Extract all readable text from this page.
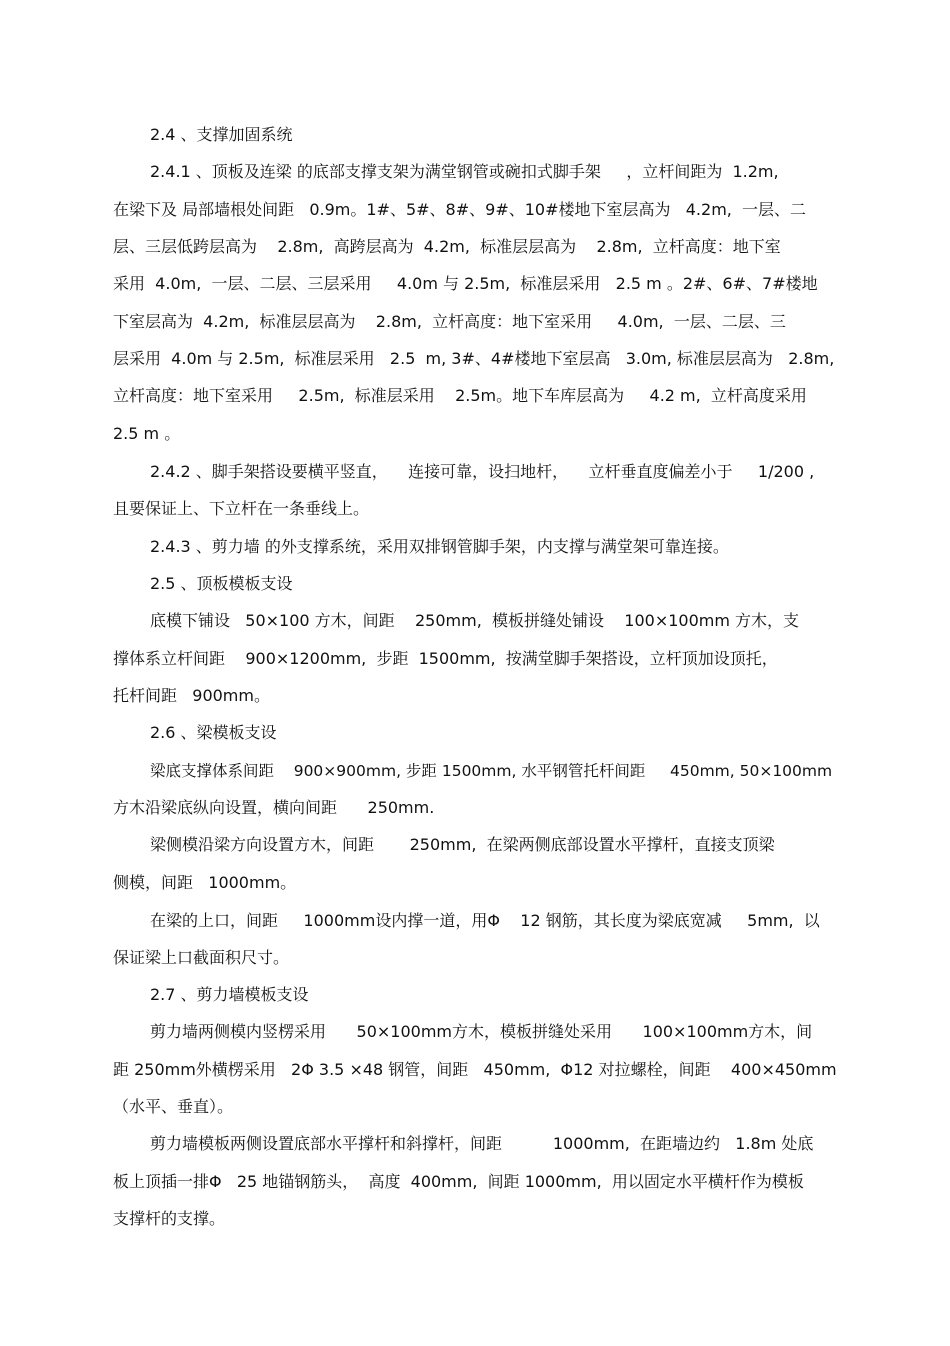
2.4 、支撑加固系统
2.4.1 、顶板及连梁 的底部支撑支架为满堂钢管或碗扣式脚手架     ，立杆间距为  1.2m,
在梁下及 局部墙根处间距   0.9m。1#、5#、8#、9#、10#楼地下室层高为   4.2m,  一层、二
层、三层低跨层高为    2.8m,  高跨层高为  4.2m,  标准层层高为    2.8m,  立杆高度：地下室
采用  4.0m,  一层、二层、三层采用     4.0m 与 2.5m,  标准层采用   2.5 m 。2#、6#、7#楼地
下室层高为  4.2m,  标准层层高为    2.8m,  立杆高度：地下室采用     4.0m,  一层、二层、三
层采用  4.0m 与 2.5m,  标准层采用   2.5  m, 3#、4#楼地下室层高   3.0m, 标准层层高为   2.8m,
立杆高度：地下室采用     2.5m,  标准层采用    2.5m。地下车库层高为     4.2 m,  立杆高度采用
2.5 m 。
2.4.2 、脚手架搭设要横平竖直，    连接可靠，设扫地杆，    立杆垂直度偏差小于     1/200 ,
且要保证上、下立杆在一条垂线上。
2.4.3 、剪力墙 的外支撑系统，采用双排钢管脚手架，内支撑与满堂架可靠连接。
2.5 、顶板模板支设
底模下铺设   50×100 方木，间距    250mm,  模板拼缝处铺设    100×100mm 方木，支
撑体系立杆间距    900×1200mm,  步距  1500mm,  按满堂脚手架搭设，立杆顶加设顶托，
托杆间距   900mm。
2.6 、梁模板支设
梁底支撑体系间距    900×900mm, 步距 1500mm, 水平钢管托杆间距     450mm, 50×100mm
方木沿梁底纵向设置，横向间距      250mm.
梁侧模沿梁方向设置方木，间距       250mm,  在梁两侧底部设置水平撑杆，直接支顶梁
侧模，间距   1000mm。
在梁的上口，间距     1000mm设内撑一道，用Φ    12 钢筋，其长度为梁底宽减     5mm,  以
保证梁上口截面积尺寸。
2.7 、剪力墙模板支设
剪力墙两侧模内竖楞采用      50×100mm方木，模板拼缝处采用      100×100mm方木，间
距 250mm外横楞采用   2Φ 3.5 ×48 钢管，间距   450mm,  Φ12 对拉螺栓，间距    400×450mm
（水平、垂直）。
剪力墙模板两侧设置底部水平撑杆和斜撑杆，间距          1000mm,  在距墙边约   1.8m 处底
板上顶插一排Φ   25 地锚钢筋头，  高度  400mm,  间距 1000mm,  用以固定水平横杆作为模板
支撑杆的支撑。
